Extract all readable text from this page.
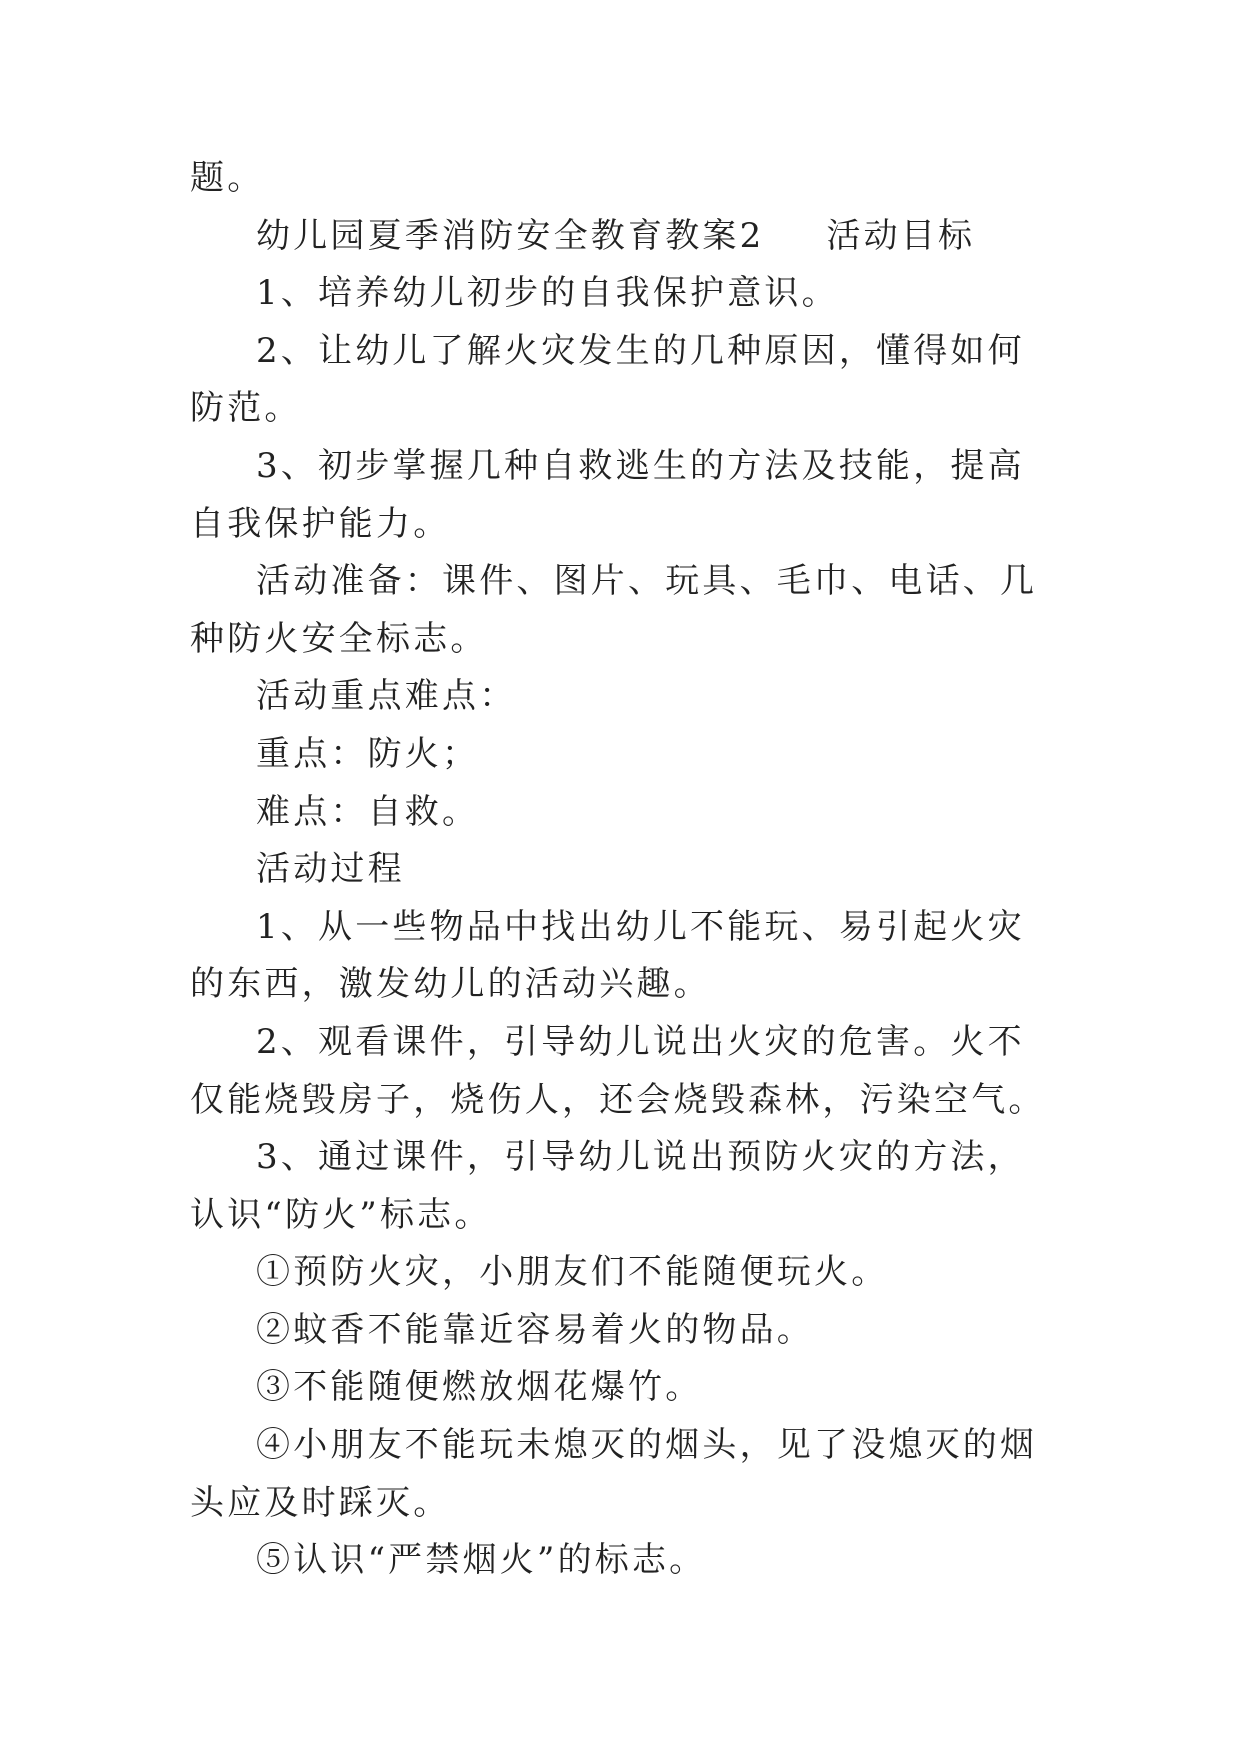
题。

幼儿园夏季消防安全教育教案2 活动目标

1、培养幼儿初步的自我保护意识。

2、让幼儿了解火灾发生的几种原因，懂得如何防范。

3、初步掌握几种自救逃生的方法及技能，提高自我保护能力。

活动准备：课件、图片、玩具、毛巾、电话、几种防火安全标志。

活动重点难点：

重点：防火；

难点：自救。

活动过程

1、从一些物品中找出幼儿不能玩、易引起火灾的东西，激发幼儿的活动兴趣。

2、观看课件，引导幼儿说出火灾的危害。火不仅能烧毁房子，烧伤人，还会烧毁森林，污染空气。

3、通过课件，引导幼儿说出预防火灾的方法，认识“防火”标志。

①预防火灾，小朋友们不能随便玩火。

②蚊香不能靠近容易着火的物品。

③不能随便燃放烟花爆竹。

④小朋友不能玩未熄灭的烟头，见了没熄灭的烟头应及时踩灭。

⑤认识“严禁烟火”的标志。
